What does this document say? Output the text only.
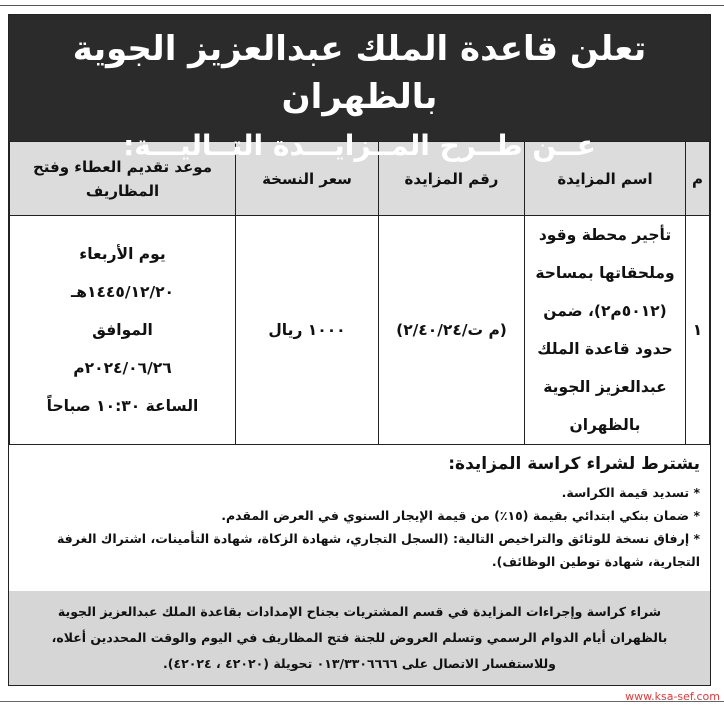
تعلن قاعدة الملك عبدالعزيز الجوية بالظهران

عــن طــرح المــزايـــدة التــاليـــة:

م	اسم المزايدة	رقم المزايدة	سعر النسخة	موعد تقديم العطاء وفتح المظاريف
١	تأجير محطة وقود وملحقاتها بمساحة (٥٠١٢م٢)، ضمن حدود قاعدة الملك عبدالعزيز الجوية بالظهران	(م ت/٢/٤٠/٢٤)	١٠٠٠ ريال	يوم الأربعاء
١٤٤٥/١٢/٢٠هـ
الموافق
٢٠٢٤/٠٦/٢٦م
الساعة ١٠:٣٠ صباحاً

يشترط لشراء كراسة المزايدة:

* تسديد قيمة الكراسة.

* ضمان بنكي ابتدائي بقيمة (١٥٪) من قيمة الإيجار السنوي في العرض المقدم.

* إرفاق نسخة للوثائق والتراخيص التالية: (السجل التجاري، شهادة الزكاة، شهادة التأمينات، اشتراك الغرفة التجارية، شهادة توطين الوظائف).

شراء كراسة وإجراءات المزايدة في قسم المشتريات بجناح الإمدادات بقاعدة الملك عبدالعزيز الجوية

بالظهران أيام الدوام الرسمي وتسلم العروض للجنة فتح المظاريف في اليوم والوقت المحددين أعلاه،

وللاستفسار الاتصال على ٠١٣/٣٣٠٦٦٦٦ تحويلة (٤٢٠٢٠ ، ٤٢٠٢٤).

www.ksa-sef.com
